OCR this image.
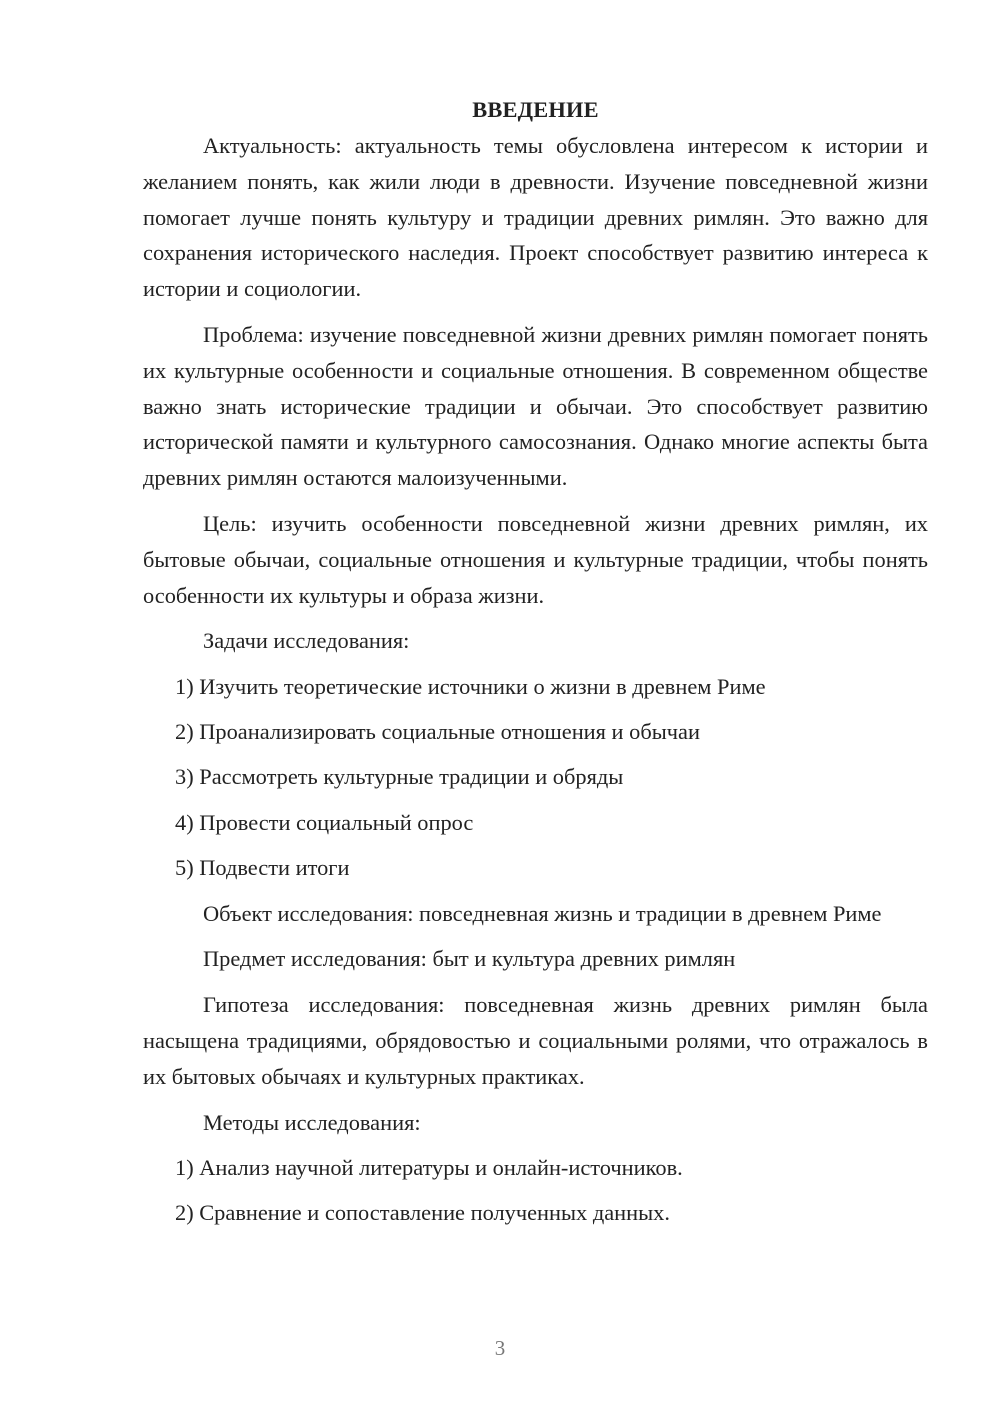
ВВЕДЕНИЕ

Актуальность: актуальность темы обусловлена интересом к истории и желанием понять, как жили люди в древности. Изучение повседневной жизни помогает лучше понять культуру и традиции древних римлян. Это важно для сохранения исторического наследия. Проект способствует развитию интереса к истории и социологии.

Проблема: изучение повседневной жизни древних римлян помогает понять их культурные особенности и социальные отношения. В современном обществе важно знать исторические традиции и обычаи. Это способствует развитию исторической памяти и культурного самосознания. Однако многие аспекты быта древних римлян остаются малоизученными.

Цель: изучить особенности повседневной жизни древних римлян, их бытовые обычаи, социальные отношения и культурные традиции, чтобы понять особенности их культуры и образа жизни.

Задачи исследования:

1) Изучить теоретические источники о жизни в древнем Риме
2) Проанализировать социальные отношения и обычаи
3) Рассмотреть культурные традиции и обряды
4) Провести социальный опрос
5) Подвести итоги

Объект исследования: повседневная жизнь и традиции в древнем Риме

Предмет исследования: быт и культура древних римлян

Гипотеза исследования: повседневная жизнь древних римлян была насыщена традициями, обрядовостью и социальными ролями, что отражалось в их бытовых обычаях и культурных практиках.

Методы исследования:

1) Анализ научной литературы и онлайн-источников.
2) Сравнение и сопоставление полученных данных.
3
